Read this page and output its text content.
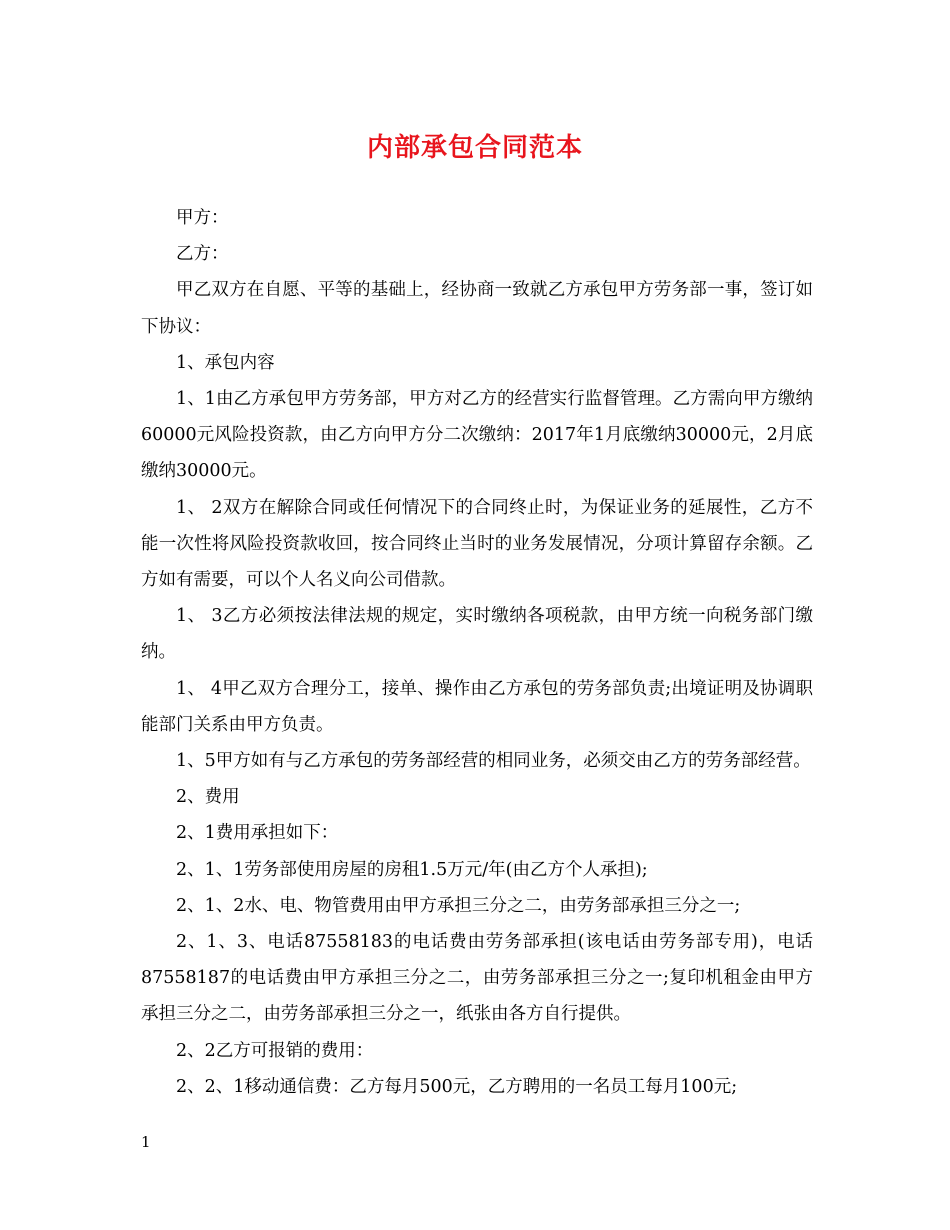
内部承包合同范本

甲方：

乙方：

甲乙双方在自愿、平等的基础上，经协商一致就乙方承包甲方劳务部一事，签订如下协议：

1、承包内容

1、1由乙方承包甲方劳务部，甲方对乙方的经营实行监督管理。乙方需向甲方缴纳60000元风险投资款，由乙方向甲方分二次缴纳：2017年1月底缴纳30000元，2月底缴纳30000元。

1、 2双方在解除合同或任何情况下的合同终止时，为保证业务的延展性，乙方不能一次性将风险投资款收回，按合同终止当时的业务发展情况，分项计算留存余额。乙方如有需要，可以个人名义向公司借款。

1、 3乙方必须按法律法规的规定，实时缴纳各项税款，由甲方统一向税务部门缴纳。

1、 4甲乙双方合理分工，接单、操作由乙方承包的劳务部负责;出境证明及协调职能部门关系由甲方负责。

1、5甲方如有与乙方承包的劳务部经营的相同业务，必须交由乙方的劳务部经营。

2、费用

2、1费用承担如下：

2、1、1劳务部使用房屋的房租1.5万元/年(由乙方个人承担);

2、1、2水、电、物管费用由甲方承担三分之二，由劳务部承担三分之一;

2、1、3、电话87558183的电话费由劳务部承担(该电话由劳务部专用)，电话87558187的电话费由甲方承担三分之二，由劳务部承担三分之一;复印机租金由甲方承担三分之二，由劳务部承担三分之一，纸张由各方自行提供。

2、2乙方可报销的费用：

2、2、1移动通信费：乙方每月500元，乙方聘用的一名员工每月100元;

1
